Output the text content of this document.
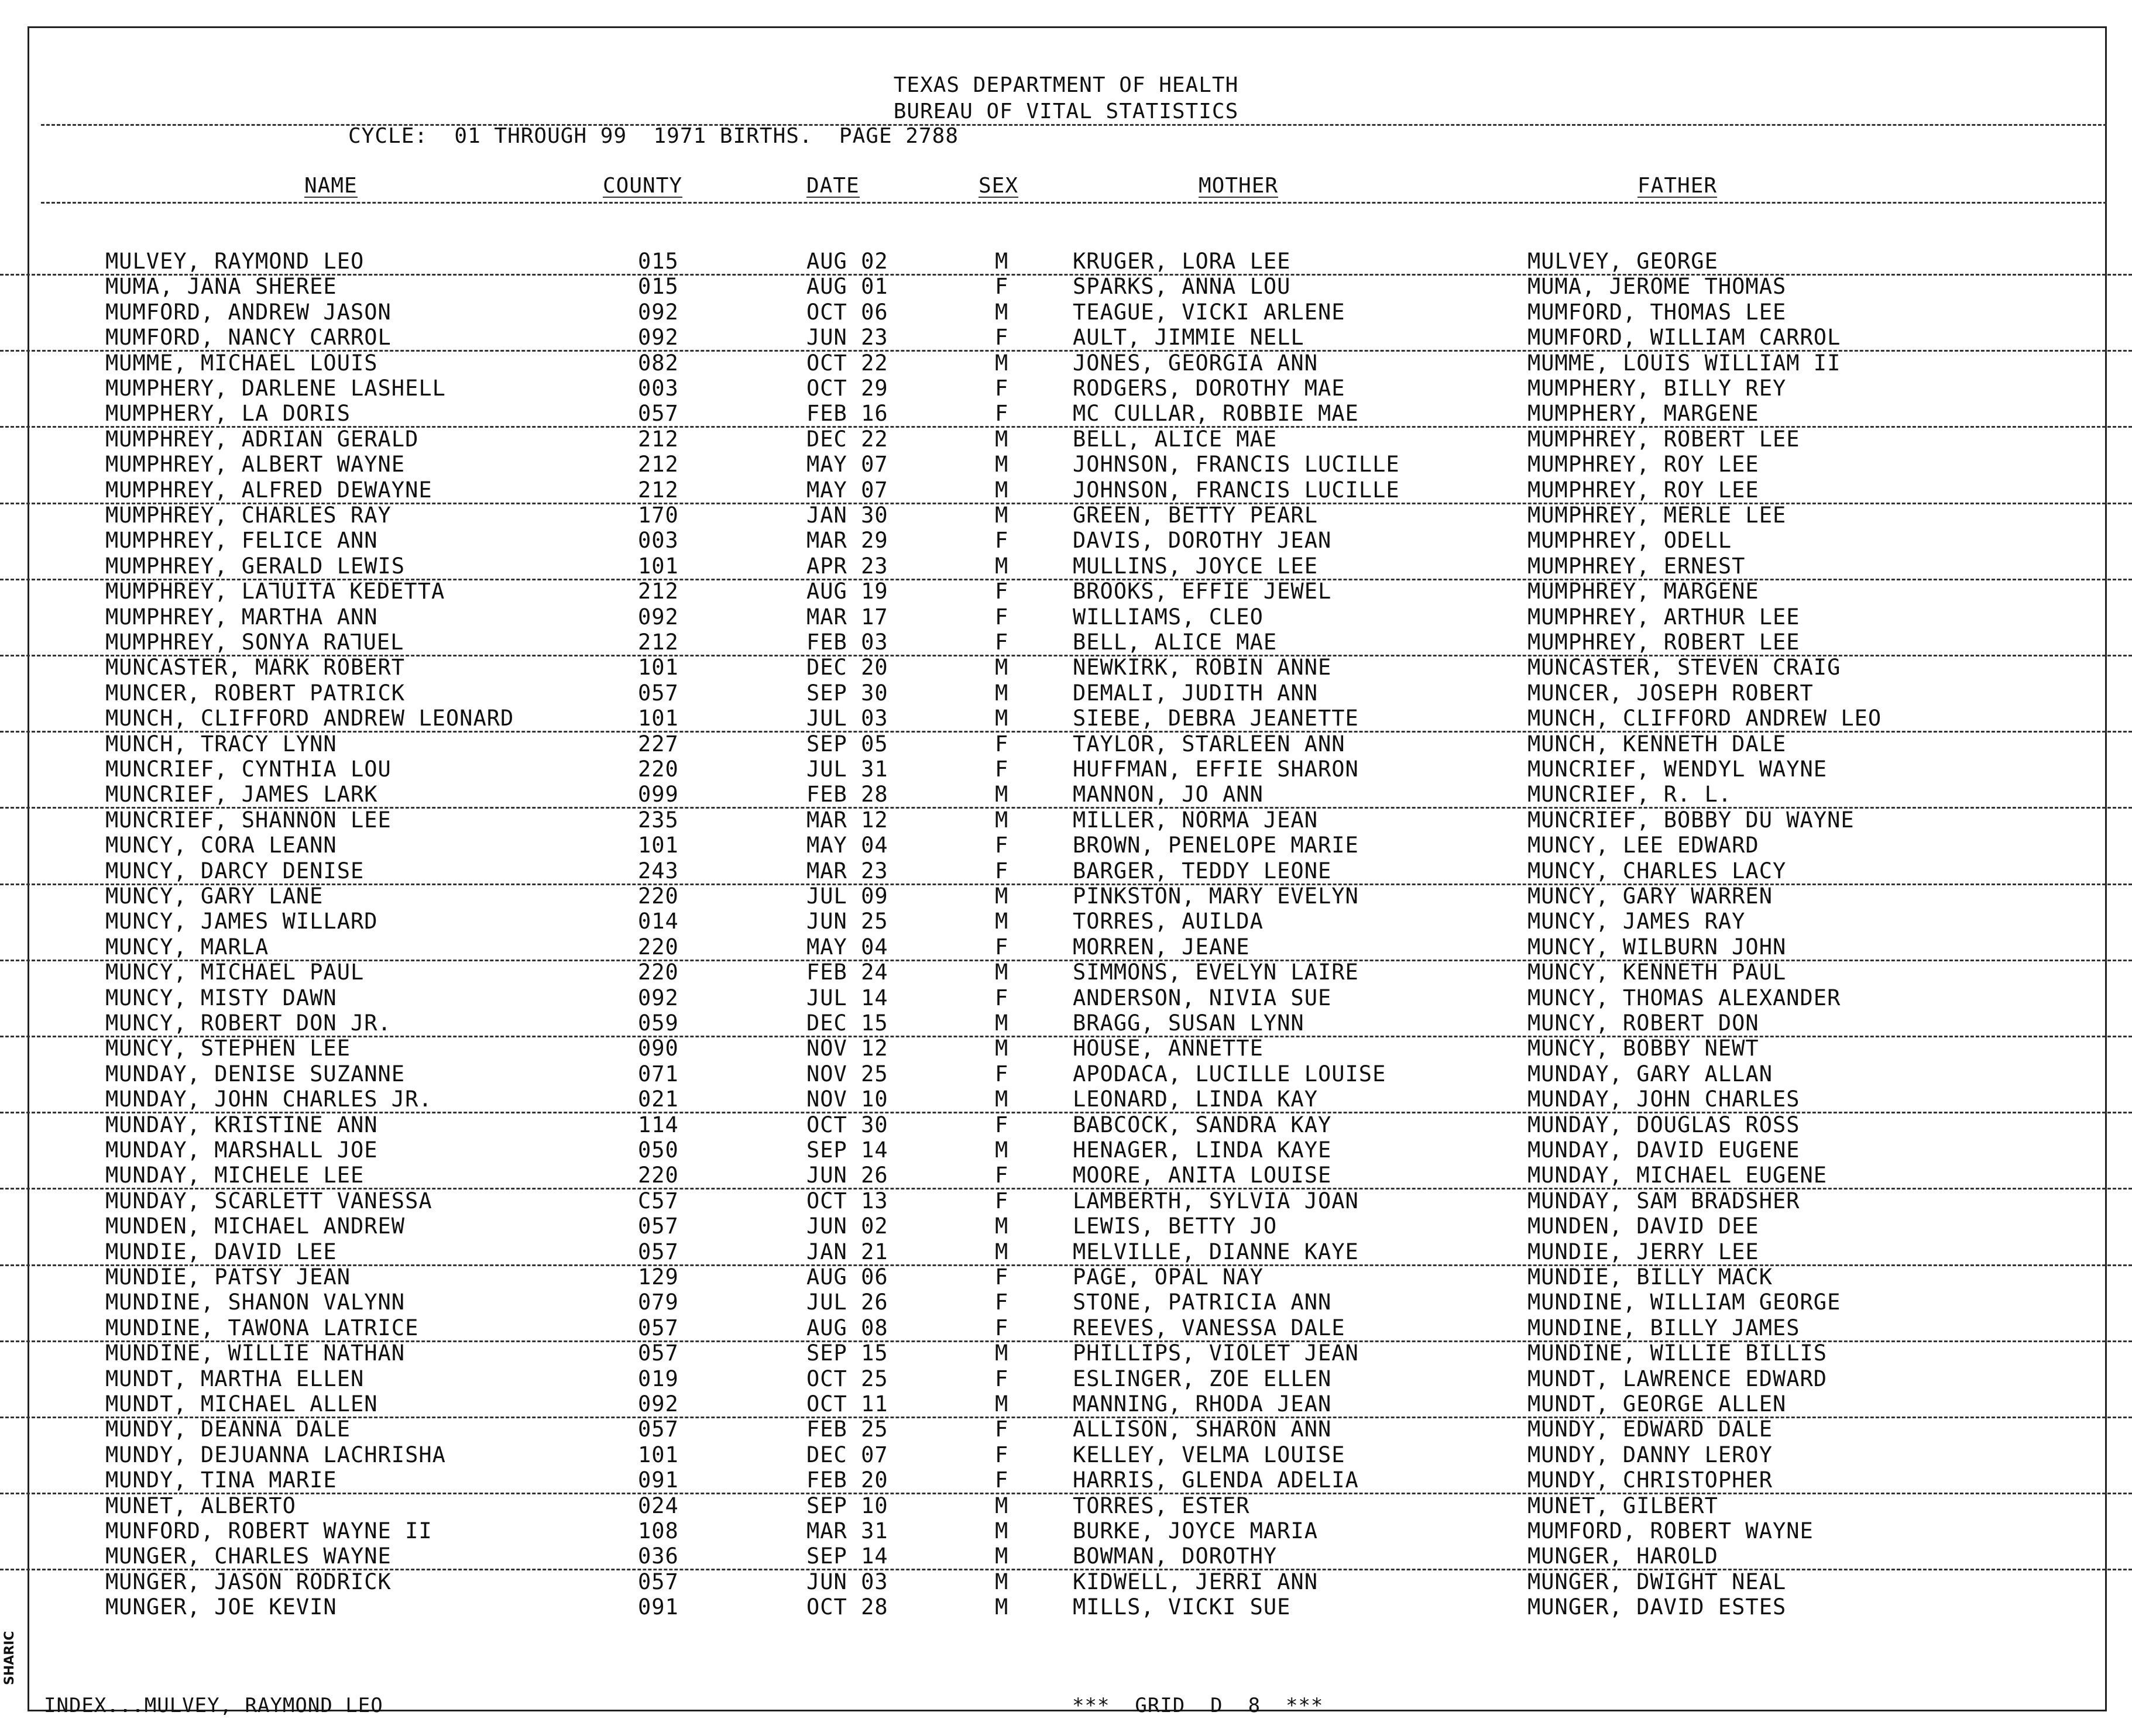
TEXAS DEPARTMENT OF HEALTH
BUREAU OF VITAL STATISTICS
CYCLE:  01 THROUGH 99  1971 BIRTHS.  PAGE 2788
NAME	COUNTY	DATE	SEX	MOTHER	FATHER
MULVEY, RAYMOND LEO	015	AUG 02	M	KRUGER, LORA LEE	MULVEY, GEORGE
MUMA, JANA SHEREE	015	AUG 01	F	SPARKS, ANNA LOU	MUMA, JEROME THOMAS
MUMFORD, ANDREW JASON	092	OCT 06	M	TEAGUE, VICKI ARLENE	MUMFORD, THOMAS LEE
MUMFORD, NANCY CARROL	092	JUN 23	F	AULT, JIMMIE NELL	MUMFORD, WILLIAM CARROL
MUMME, MICHAEL LOUIS	082	OCT 22	M	JONES, GEORGIA ANN	MUMME, LOUIS WILLIAM II
MUMPHERY, DARLENE LASHELL	003	OCT 29	F	RODGERS, DOROTHY MAE	MUMPHERY, BILLY REY
MUMPHERY, LA DORIS	057	FEB 16	F	MC CULLAR, ROBBIE MAE	MUMPHERY, MARGENE
MUMPHREY, ADRIAN GERALD	212	DEC 22	M	BELL, ALICE MAE	MUMPHREY, ROBERT LEE
MUMPHREY, ALBERT WAYNE	212	MAY 07	M	JOHNSON, FRANCIS LUCILLE	MUMPHREY, ROY LEE
MUMPHREY, ALFRED DEWAYNE	212	MAY 07	M	JOHNSON, FRANCIS LUCILLE	MUMPHREY, ROY LEE
MUMPHREY, CHARLES RAY	170	JAN 30	M	GREEN, BETTY PEARL	MUMPHREY, MERLE LEE
MUMPHREY, FELICE ANN	003	MAR 29	F	DAVIS, DOROTHY JEAN	MUMPHREY, ODELL
MUMPHREY, GERALD LEWIS	101	APR 23	M	MULLINS, JOYCE LEE	MUMPHREY, ERNEST
MUMPHREY, LA⅂UITA KEDETTA	212	AUG 19	F	BROOKS, EFFIE JEWEL	MUMPHREY, MARGENE
MUMPHREY, MARTHA ANN	092	MAR 17	F	WILLIAMS, CLEO	MUMPHREY, ARTHUR LEE
MUMPHREY, SONYA RA⅂UEL	212	FEB 03	F	BELL, ALICE MAE	MUMPHREY, ROBERT LEE
MUNCASTER, MARK ROBERT	101	DEC 20	M	NEWKIRK, ROBIN ANNE	MUNCASTER, STEVEN CRAIG
MUNCER, ROBERT PATRICK	057	SEP 30	M	DEMALI, JUDITH ANN	MUNCER, JOSEPH ROBERT
MUNCH, CLIFFORD ANDREW LEONARD	101	JUL 03	M	SIEBE, DEBRA JEANETTE	MUNCH, CLIFFORD ANDREW LEO
MUNCH, TRACY LYNN	227	SEP 05	F	TAYLOR, STARLEEN ANN	MUNCH, KENNETH DALE
MUNCRIEF, CYNTHIA LOU	220	JUL 31	F	HUFFMAN, EFFIE SHARON	MUNCRIEF, WENDYL WAYNE
MUNCRIEF, JAMES LARK	099	FEB 28	M	MANNON, JO ANN	MUNCRIEF, R. L.
MUNCRIEF, SHANNON LEE	235	MAR 12	M	MILLER, NORMA JEAN	MUNCRIEF, BOBBY DU WAYNE
MUNCY, CORA LEANN	101	MAY 04	F	BROWN, PENELOPE MARIE	MUNCY, LEE EDWARD
MUNCY, DARCY DENISE	243	MAR 23	F	BARGER, TEDDY LEONE	MUNCY, CHARLES LACY
MUNCY, GARY LANE	220	JUL 09	M	PINKSTON, MARY EVELYN	MUNCY, GARY WARREN
MUNCY, JAMES WILLARD	014	JUN 25	M	TORRES, AUILDA	MUNCY, JAMES RAY
MUNCY, MARLA	220	MAY 04	F	MORREN, JEANE	MUNCY, WILBURN JOHN
MUNCY, MICHAEL PAUL	220	FEB 24	M	SIMMONS, EVELYN LAIRE	MUNCY, KENNETH PAUL
MUNCY, MISTY DAWN	092	JUL 14	F	ANDERSON, NIVIA SUE	MUNCY, THOMAS ALEXANDER
MUNCY, ROBERT DON JR.	059	DEC 15	M	BRAGG, SUSAN LYNN	MUNCY, ROBERT DON
MUNCY, STEPHEN LEE	090	NOV 12	M	HOUSE, ANNETTE	MUNCY, BOBBY NEWT
MUNDAY, DENISE SUZANNE	071	NOV 25	F	APODACA, LUCILLE LOUISE	MUNDAY, GARY ALLAN
MUNDAY, JOHN CHARLES JR.	021	NOV 10	M	LEONARD, LINDA KAY	MUNDAY, JOHN CHARLES
MUNDAY, KRISTINE ANN	114	OCT 30	F	BABCOCK, SANDRA KAY	MUNDAY, DOUGLAS ROSS
MUNDAY, MARSHALL JOE	050	SEP 14	M	HENAGER, LINDA KAYE	MUNDAY, DAVID EUGENE
MUNDAY, MICHELE LEE	220	JUN 26	F	MOORE, ANITA LOUISE	MUNDAY, MICHAEL EUGENE
MUNDAY, SCARLETT VANESSA	C57	OCT 13	F	LAMBERTH, SYLVIA JOAN	MUNDAY, SAM BRADSHER
MUNDEN, MICHAEL ANDREW	057	JUN 02	M	LEWIS, BETTY JO	MUNDEN, DAVID DEE
MUNDIE, DAVID LEE	057	JAN 21	M	MELVILLE, DIANNE KAYE	MUNDIE, JERRY LEE
MUNDIE, PATSY JEAN	129	AUG 06	F	PAGE, OPAL NAY	MUNDIE, BILLY MACK
MUNDINE, SHANON VALYNN	079	JUL 26	F	STONE, PATRICIA ANN	MUNDINE, WILLIAM GEORGE
MUNDINE, TAWONA LATRICE	057	AUG 08	F	REEVES, VANESSA DALE	MUNDINE, BILLY JAMES
MUNDINE, WILLIE NATHAN	057	SEP 15	M	PHILLIPS, VIOLET JEAN	MUNDINE, WILLIE BILLIS
MUNDT, MARTHA ELLEN	019	OCT 25	F	ESLINGER, ZOE ELLEN	MUNDT, LAWRENCE EDWARD
MUNDT, MICHAEL ALLEN	092	OCT 11	M	MANNING, RHODA JEAN	MUNDT, GEORGE ALLEN
MUNDY, DEANNA DALE	057	FEB 25	F	ALLISON, SHARON ANN	MUNDY, EDWARD DALE
MUNDY, DEJUANNA LACHRISHA	101	DEC 07	F	KELLEY, VELMA LOUISE	MUNDY, DANNY LEROY
MUNDY, TINA MARIE	091	FEB 20	F	HARRIS, GLENDA ADELIA	MUNDY, CHRISTOPHER
MUNET, ALBERTO	024	SEP 10	M	TORRES, ESTER	MUNET, GILBERT
MUNFORD, ROBERT WAYNE II	108	MAR 31	M	BURKE, JOYCE MARIA	MUMFORD, ROBERT WAYNE
MUNGER, CHARLES WAYNE	036	SEP 14	M	BOWMAN, DOROTHY	MUNGER, HAROLD
MUNGER, JASON RODRICK	057	JUN 03	M	KIDWELL, JERRI ANN	MUNGER, DWIGHT NEAL
MUNGER, JOE KEVIN	091	OCT 28	M	MILLS, VICKI SUE	MUNGER, DAVID ESTES
INDEX...MULVEY, RAYMOND LEO	***  GRID  D  8  ***
SHARIC
